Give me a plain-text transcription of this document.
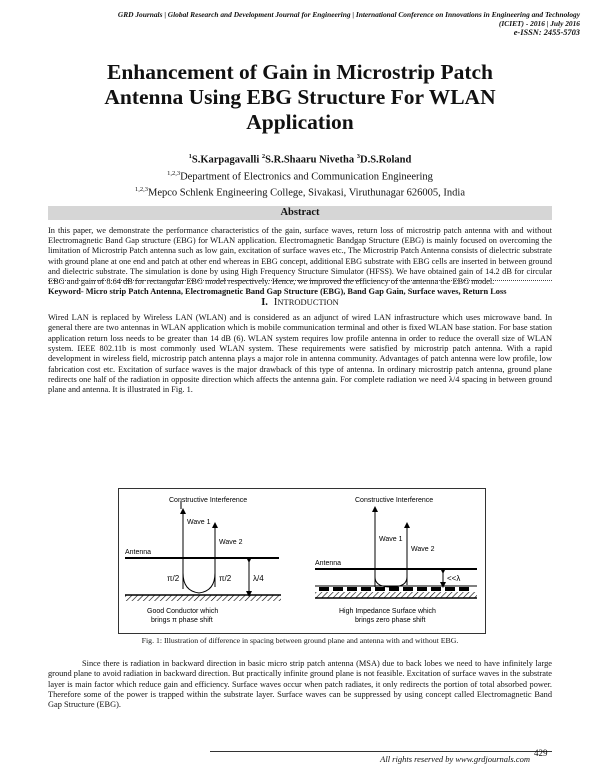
GRD Journals | Global Research and Development Journal for Engineering | International Conference on Innovations in Engineering and Technology
(ICIET) - 2016 | July 2016
e-ISSN: 2455-5703
Enhancement of Gain in Microstrip Patch
Antenna Using EBG Structure For WLAN
Application
$^1$S.Karpagavalli $^2$S.R.Shaaru Nivetha $^3$D.S.Roland
$^{1,2,3}$Department of Electronics and Communication Engineering
$^{1,2,3}$Mepco Schlenk Engineering College, Sivakasi, Viruthunagar 626005, India
Abstract
In this paper, we demonstrate the performance characteristics of the gain, surface waves, return loss of microstrip patch antenna with and without Electromagnetic Band Gap structure (EBG) for WLAN application. Electromagnetic Bandgap Structure (EBG) is mainly focused on overcoming the limitation of Microstrip Patch antenna such as low gain, excitation of surface waves etc., The Microstrip Patch Antenna consists of dielectric substrate with ground plane at one end and patch at other end whereas in EBG concept, additional EBG substrate with EBG cells are inserted in between ground and dielectric substrate. The simulation is done by using High Frequency Structure Simulator (HFSS). We have obtained gain of 14.2 dB for circular EBG and gain of 8.64 dB for rectangular EBG model respectively. Hence, we improved the efficiency of the antenna the EBG model.
Keyword- Micro strip Patch Antenna, Electromagnetic Band Gap Structure (EBG), Band Gap Gain, Surface waves, Return Loss
I. INTRODUCTION
Wired LAN is replaced by Wireless LAN (WLAN) and is considered as an adjunct of wired LAN infrastructure which uses microwave band. In general there are two antennas in WLAN application which is mobile communication terminal and other is fixed WLAN base station. For base station application return loss needs to be greater than 14 dB (6). WLAN system requires low profile antenna in order to reduce the overall size of WLAN system. IEEE 802.11b is most commonly used WLAN system. These requirements were satisfied by microstrip patch antenna. With a rapid development in wireless field, microstrip patch antenna plays a major role in antenna community. Advantages of patch antenna were low profile, low fabrication cost etc. Excitation of surface waves is the major drawback of this type of antenna. In ordinary microstrip patch antenna, ground plane redirects one half of the radiation in opposite direction which affects the antenna gain. For complete radiation we need λ/4 spacing in between ground plane and antenna. It is illustrated in Fig. 1.
Constructive Interference
Wave 1
Wave 2
Antenna
π/2	π/2	λ/4
Good Conductor which
brings π phase shift
Constructive Interference
Wave 1
Wave 2
Antenna
<<λ
High Impedance Surface which
brings zero phase shift
Fig. 1: Illustration of difference in spacing between ground plane and antenna with and without EBG.
Since there is radiation in backward direction in basic micro strip patch antenna (MSA) due to back lobes we need to have infinitely large ground plane to avoid radiation in backward direction. But practically infinite ground plane is not feasible. Excitation of surface waves in the substrate layer is main factor which reduce gain and efficiency. Surface waves occur when patch radiates, it only redirects the portion of total absorbed power. Therefore some of the power is trapped within the substrate layer. Surface waves can be suppressed by using concept called Electromagnetic Band Gap Structure (EBG).
All rights reserved by www.grdjournals.com
429
